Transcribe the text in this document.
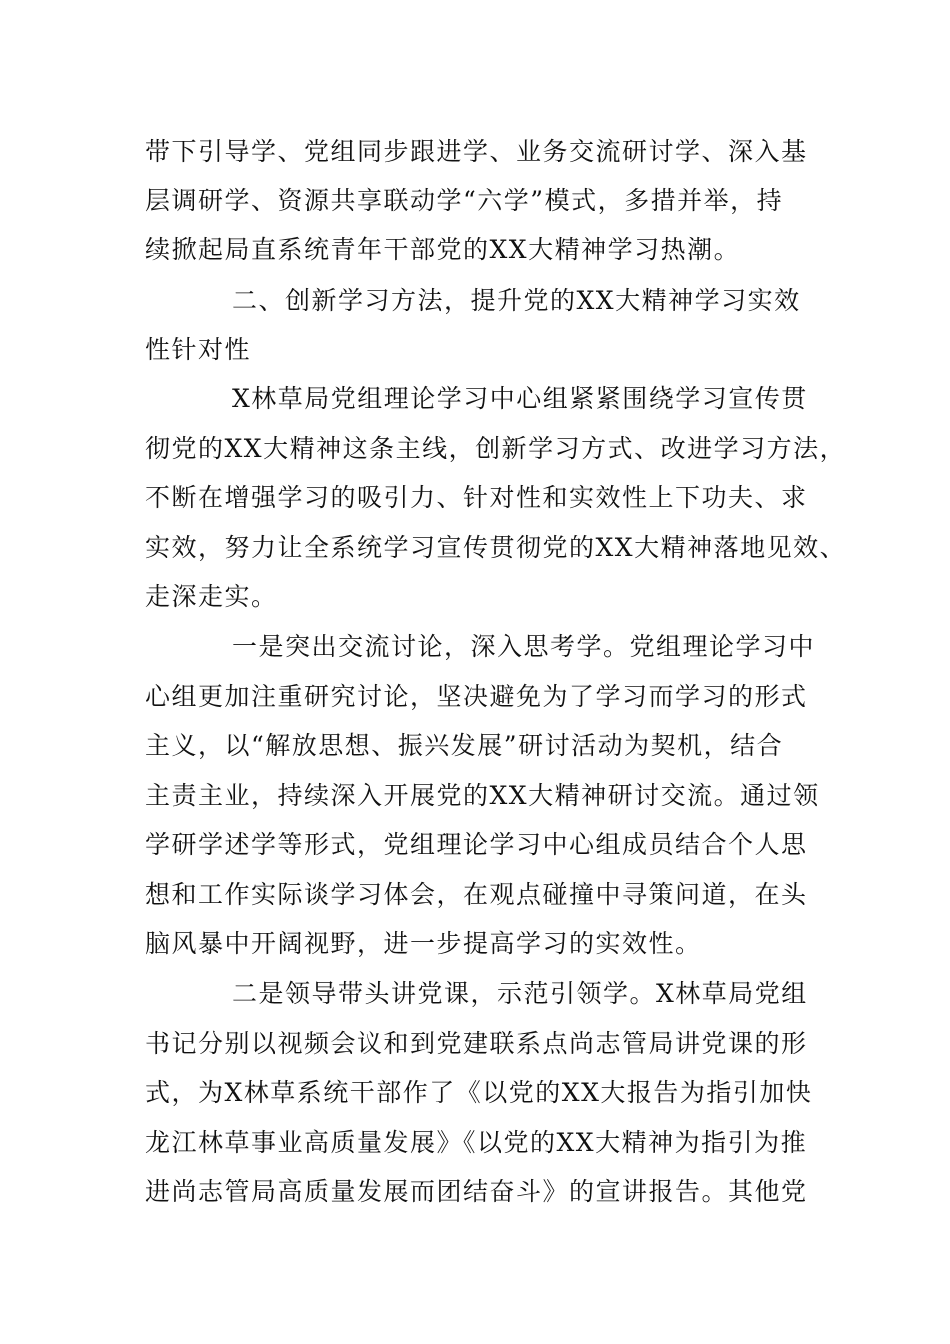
带下引导学、党组同步跟进学、业务交流研讨学、深入基
层调研学、资源共享联动学“六学”模式，多措并举，持
续掀起局直系统青年干部党的XX大精神学习热潮。
二、创新学习方法，提升党的XX大精神学习实效
性针对性
X林草局党组理论学习中心组紧紧围绕学习宣传贯
彻党的XX大精神这条主线，创新学习方式、改进学习方法，
不断在增强学习的吸引力、针对性和实效性上下功夫、求
实效，努力让全系统学习宣传贯彻党的XX大精神落地见效、
走深走实。
一是突出交流讨论，深入思考学。党组理论学习中
心组更加注重研究讨论，坚决避免为了学习而学习的形式
主义，以“解放思想、振兴发展”研讨活动为契机，结合
主责主业，持续深入开展党的XX大精神研讨交流。通过领
学研学述学等形式，党组理论学习中心组成员结合个人思
想和工作实际谈学习体会，在观点碰撞中寻策问道，在头
脑风暴中开阔视野，进一步提高学习的实效性。
二是领导带头讲党课，示范引领学。X林草局党组
书记分别以视频会议和到党建联系点尚志管局讲党课的形
式，为X林草系统干部作了《以党的XX大报告为指引加快
龙江林草事业高质量发展》《以党的XX大精神为指引为推
进尚志管局高质量发展而团结奋斗》的宣讲报告。其他党
